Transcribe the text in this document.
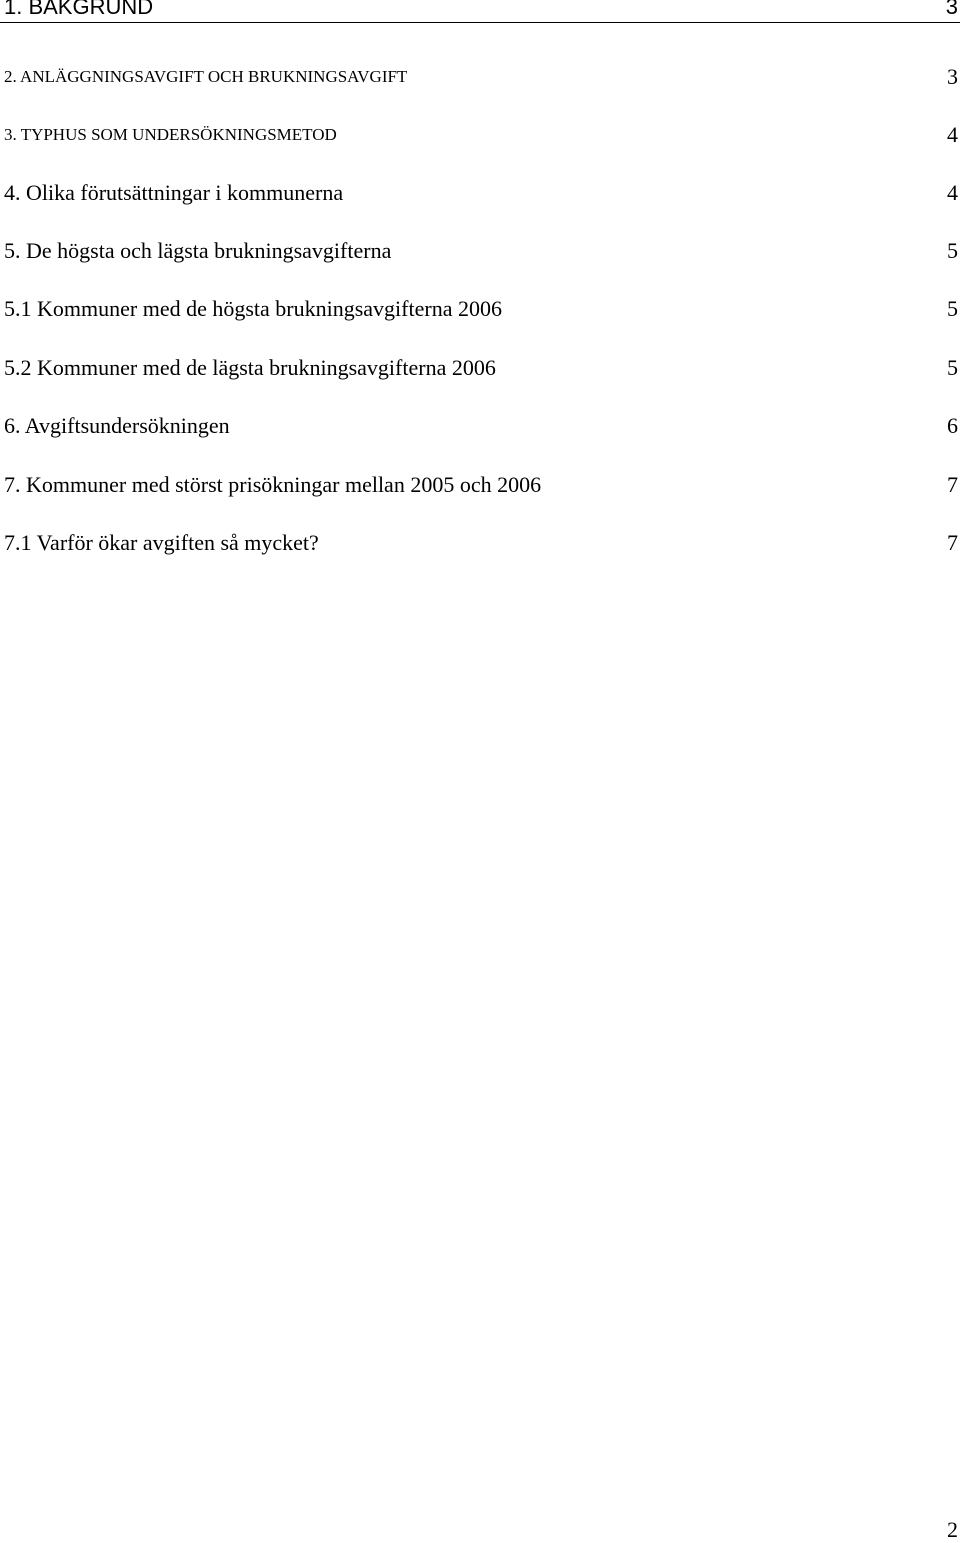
1. BAKGRUND	3
2. ANLÄGGNINGSAVGIFT OCH BRUKNINGSAVGIFT	3
3. TYPHUS SOM UNDERSÖKNINGSMETOD	4
4. Olika förutsättningar i kommunerna	4
5. De högsta och lägsta brukningsavgifterna	5
5.1 Kommuner med de högsta brukningsavgifterna 2006	5
5.2 Kommuner med de lägsta brukningsavgifterna 2006	5
6. Avgiftsundersökningen	6
7. Kommuner med störst prisökningar mellan 2005 och 2006	7
7.1 Varför ökar avgiften så mycket?	7
2
